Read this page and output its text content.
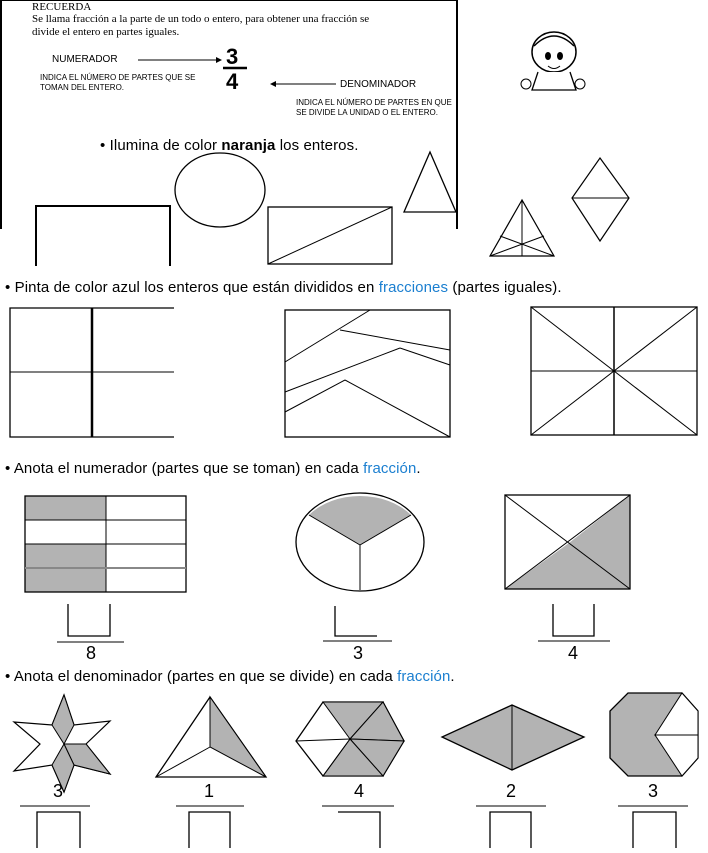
RECUERDA
Se llama fracción a la parte de un todo o entero, para obtener una fracción se
divide el entero en partes iguales.
NUMERADOR
INDICA EL NÚMERO DE PARTES QUE SE TOMAN DEL ENTERO.
3
4	DENOMINADOR
INDICA EL NÚMERO DE PARTES EN QUE SE DIVIDE LA UNIDAD O EL ENTERO.
• Ilumina de color naranja los enteros.
• Pinta de color azul los enteros que están divididos en fracciones (partes iguales).
• Anota el numerador (partes que se toman) en cada fracción.
8	3	4
• Anota el denominador (partes en que se divide) en cada fracción.
3	1	4	2	3
